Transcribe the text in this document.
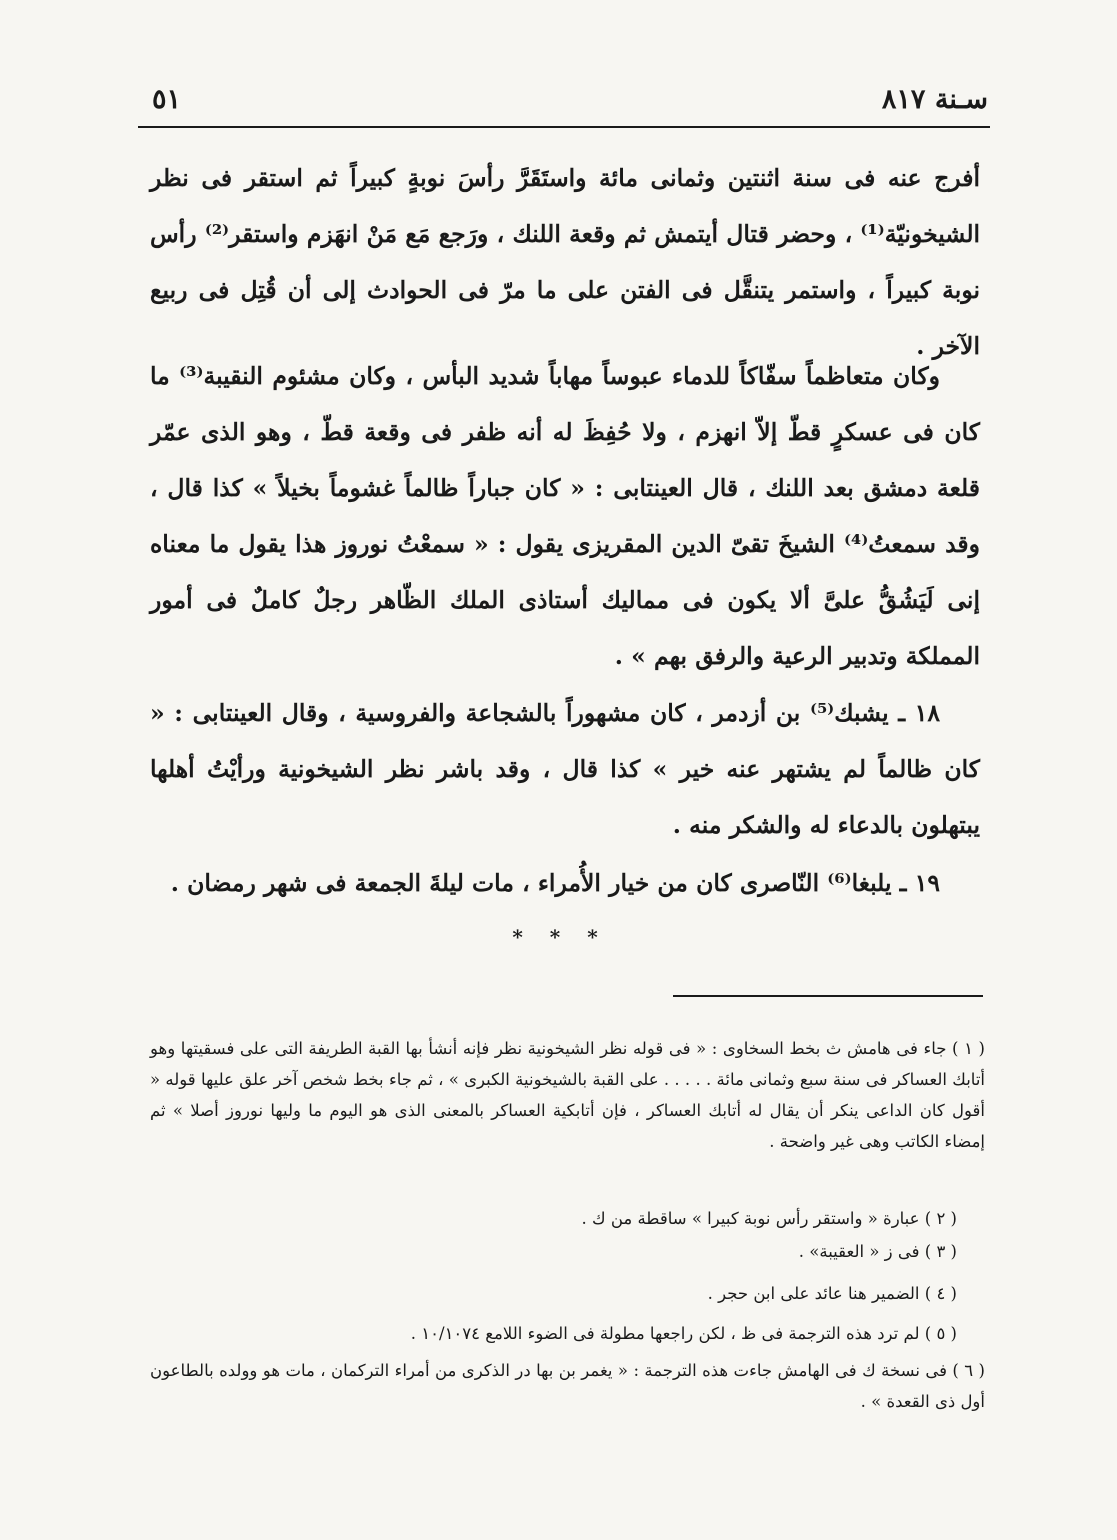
سـنة ٨١٧
٥١

أفرج عنه فى سنة اثنتين وثمانى مائة واستَقَرَّ رأسَ نوبةٍ كبيراً ثم استقر فى نظر الشيخونيّة⁽¹⁾ ، وحضر قتال أيتمش ثم وقعة اللنك ، ورَجع مَع مَنْ انهَزم واستقر⁽²⁾ رأس نوبة كبيراً ، واستمر يتنقَّل فى الفتن على ما مرّ فى الحوادث إلى أن قُتِل فى ربيع الآخر .

وكان متعاظماً سفّاكاً للدماء عبوساً مهاباً شديد البأس ، وكان مشئوم النقيبة⁽³⁾ ما كان فى عسكرٍ قطّ إلاّ انهزم ، ولا حُفِظَ له أنه ظفر فى وقعة قطّ ، وهو الذى عمّر قلعة دمشق بعد اللنك ، قال العينتابى : « كان جباراً ظالماً غشوماً بخيلاً » كذا قال ، وقد سمعتُ⁽⁴⁾ الشيخَ تقىّ الدين المقريزى يقول : « سمعْتُ نوروز هذا يقول ما معناه إنى لَيَشُقُّ علىَّ ألا يكون فى مماليك أستاذى الملك الظّاهر رجلٌ كاملٌ فى أمور المملكة وتدبير الرعية والرفق بهم » .

١٨ ـ يشبك⁽⁵⁾ بن أزدمر ، كان مشهوراً بالشجاعة والفروسية ، وقال العينتابى : « كان ظالماً لم يشتهر عنه خير » كذا قال ، وقد باشر نظر الشيخونية ورأيْتُ أهلها يبتهلون بالدعاء له والشكر منه .

١٩ ـ يلبغا⁽⁶⁾ النّاصرى كان من خيار الأُمراء ، مات ليلةَ الجمعة فى شهر رمضان .

* * *

( ١ ) جاء فى هامش ث بخط السخاوى : « فى قوله نظر الشيخونية نظر فإنه أنشأ بها القبة الطريفة التى على فسقيتها وهو أتابك العساكر فى سنة سبع وثمانى مائة . . . . . على القبة بالشيخونية الكبرى » ، ثم جاء بخط شخص آخر علق عليها قوله « أقول كان الداعى ينكر أن يقال له أتابك العساكر ، فإن أتابكية العساكر بالمعنى الذى هو اليوم ما وليها نوروز أصلا » ثم إمضاء الكاتب وهى غير واضحة .

( ٢ ) عبارة « واستقر رأس نوبة كبيرا » ساقطة من ك .

( ٣ ) فى ز « العقيبة» .

( ٤ ) الضمير هنا عائد على ابن حجر .

( ٥ ) لم ترد هذه الترجمة فى ظ ، لكن راجعها مطولة فى الضوء اللامع ١٠/١٠٧٤ .

( ٦ ) فى نسخة ك فى الهامش جاءت هذه الترجمة : « يغمر بن بها در الذكرى من أمراء التركمان ، مات هو وولده بالطاعون أول ذى القعدة » .
